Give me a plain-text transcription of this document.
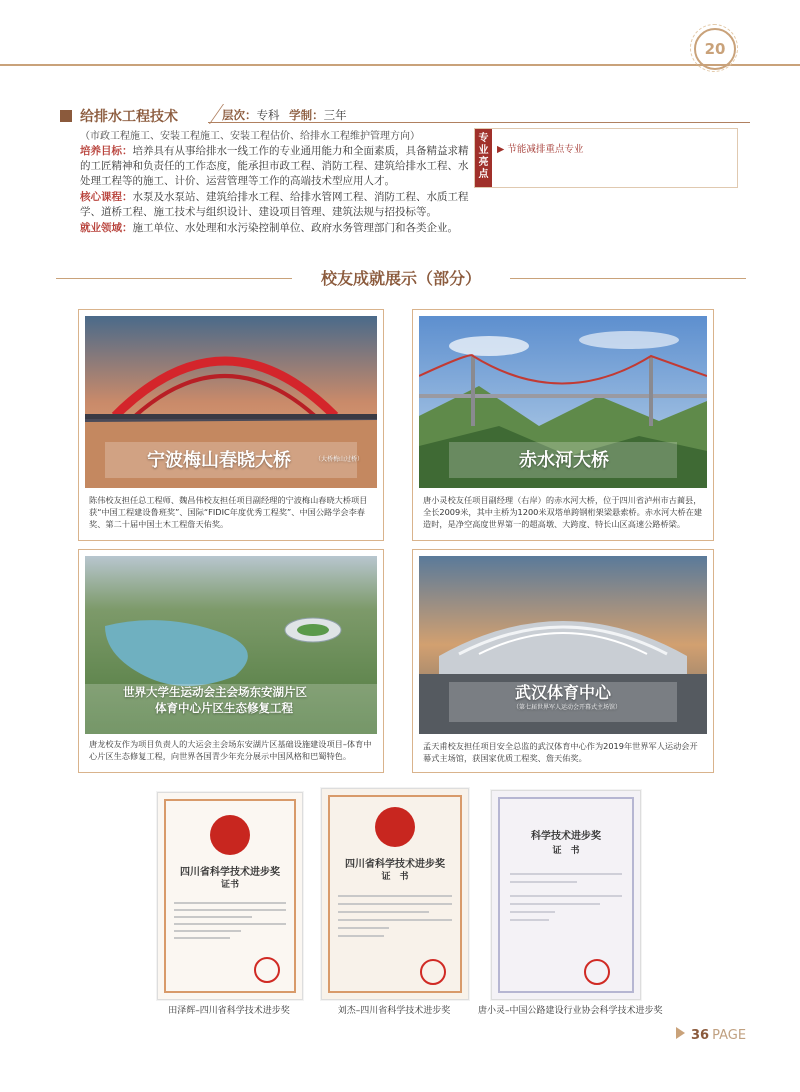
20
给排水工程技术	层次：专科 学制：三年
（市政工程施工、安装工程施工、安装工程估价、给排水工程维护管理方向）

培养目标：培养具有从事给排水一线工作的专业通用能力和全面素质，具备精益求精的工匠精神和负责任的工作态度，能承担市政工程、消防工程、建筑给排水工程、水处理工程等的施工、计价、运营管理等工作的高端技术型应用人才。

核心课程：水泵及水泵站、建筑给排水工程、给排水管网工程、消防工程、水质工程学、道桥工程、施工技术与组织设计、建设项目管理、建筑法规与招投标等。

就业领域：施工单位、水处理和水污染控制单位、政府水务管理部门和各类企业。

专业亮点
▶ 节能减排重点专业
校友成就展示（部分）
宁波梅山春晓大桥	（大桥梅山过桥）
陈伟校友担任总工程师、魏昌伟校友担任项目副经理的宁波梅山春晓大桥项目获“中国工程建设鲁班奖”、国际“FIDIC年度优秀工程奖”、中国公路学会李春奖、第二十届中国土木工程詹天佑奖。
赤水河大桥
唐小灵校友任项目副经理（右岸）的赤水河大桥，位于四川省泸州市古蔺县，全长2009米，其中主桥为1200米双塔单跨钢桁架梁悬索桥。赤水河大桥在建造时，是净空高度世界第一的超高墩、大跨度、特长山区高速公路桥梁。
世界大学生运动会主会场东安湖片区
体育中心片区生态修复工程
唐龙校友作为项目负责人的大运会主会场东安湖片区基础设施建设项目–体育中心片区生态修复工程，向世界各国青少年充分展示中国风格和巴蜀特色。
武汉体育中心
（第七届世界军人运动会开幕式主场馆）
孟天甫校友担任项目安全总监的武汉体育中心作为2019年世界军人运动会开幕式主场馆，获国家优质工程奖、詹天佑奖。
四川省科学技术进步奖
证书
田泽辉–四川省科学技术进步奖
四川省科学技术进步奖
证　书
刘杰–四川省科学技术进步奖
科学技术进步奖
证　书
唐小灵–中国公路建设行业协会科学技术进步奖
36 PAGE
